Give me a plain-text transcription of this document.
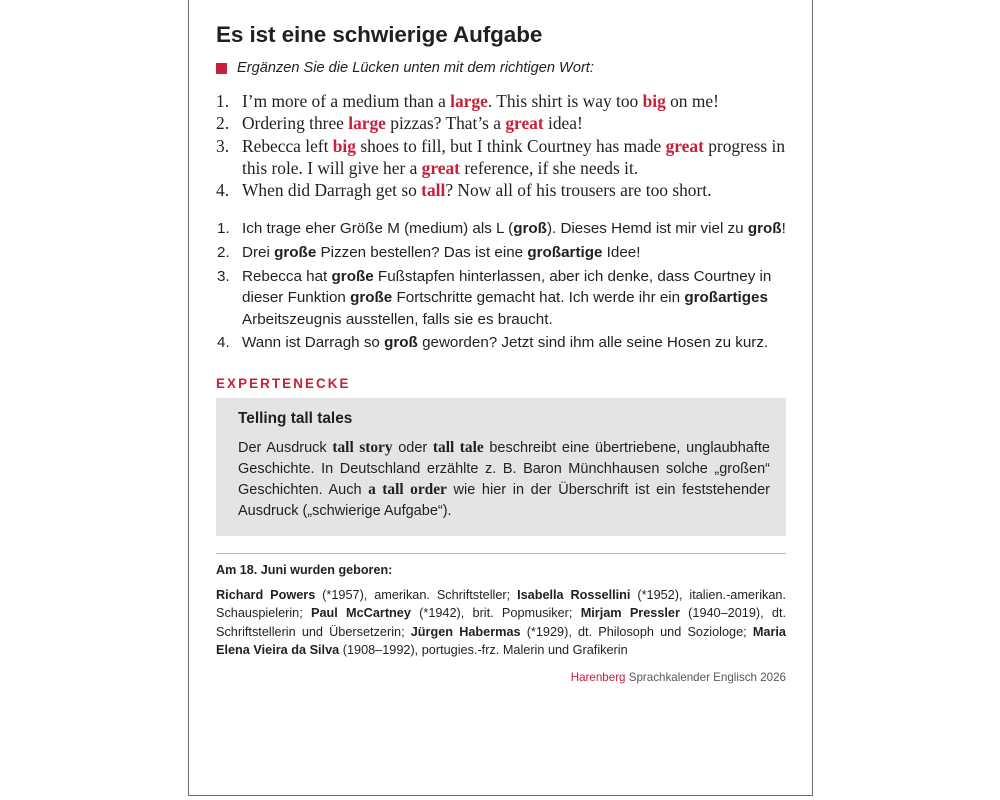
Es ist eine schwierige Aufgabe
Ergänzen Sie die Lücken unten mit dem richtigen Wort:
1. I’m more of a medium than a large. This shirt is way too big on me!
2. Ordering three large pizzas? That’s a great idea!
3. Rebecca left big shoes to fill, but I think Courtney has made great progress in this role. I will give her a great reference, if she needs it.
4. When did Darragh get so tall? Now all of his trousers are too short.
1. Ich trage eher Größe M (medium) als L (groß). Dieses Hemd ist mir viel zu groß!
2. Drei große Pizzen bestellen? Das ist eine großartige Idee!
3. Rebecca hat große Fußstapfen hinterlassen, aber ich denke, dass Courtney in dieser Funktion große Fortschritte gemacht hat. Ich werde ihr ein großartiges Arbeitszeugnis ausstellen, falls sie es braucht.
4. Wann ist Darragh so groß geworden? Jetzt sind ihm alle seine Hosen zu kurz.
EXPERTENECKE
Telling tall tales
Der Ausdruck tall story oder tall tale beschreibt eine übertriebene, unglaubhafte Geschichte. In Deutschland erzählte z. B. Baron Münchhausen solche „großen“ Geschichten. Auch a tall order wie hier in der Überschrift ist ein feststehender Ausdruck („schwierige Aufgabe“).
Am 18. Juni wurden geboren:
Richard Powers (*1957), amerikan. Schriftsteller; Isabella Rossellini (*1952), italien.-amerikan. Schauspielerin; Paul McCartney (*1942), brit. Popmusiker; Mirjam Pressler (1940–2019), dt. Schriftstellerin und Übersetzerin; Jürgen Habermas (*1929), dt. Philosoph und Soziologe; Maria Elena Vieira da Silva (1908–1992), portugies.-frz. Malerin und Grafikerin
Harenberg Sprachkalender Englisch 2026
